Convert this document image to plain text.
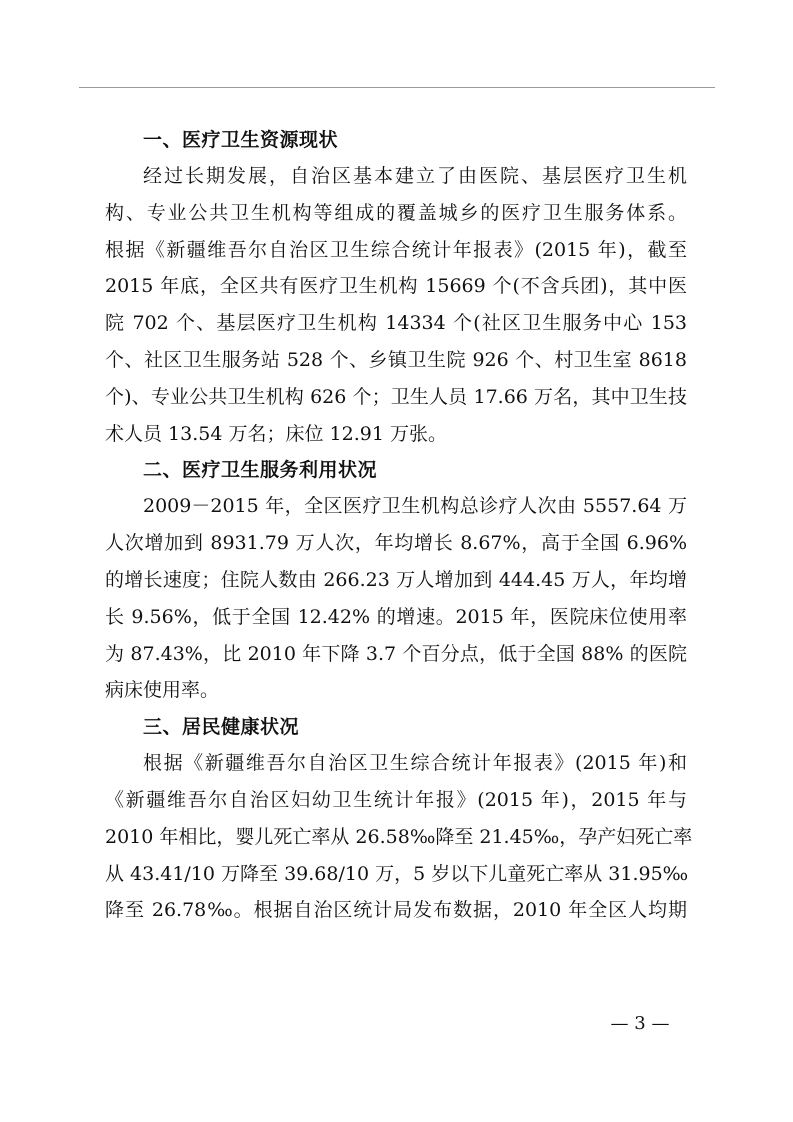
一、医疗卫生资源现状

经过长期发展，自治区基本建立了由医院、基层医疗卫生机
构、专业公共卫生机构等组成的覆盖城乡的医疗卫生服务体系。
根据《新疆维吾尔自治区卫生综合统计年报表》(2015 年)，截至
2015 年底，全区共有医疗卫生机构 15669 个(不含兵团)，其中医
院 702 个、基层医疗卫生机构 14334 个(社区卫生服务中心 153
个、社区卫生服务站 528 个、乡镇卫生院 926 个、村卫生室 8618
个)、专业公共卫生机构 626 个；卫生人员 17.66 万名，其中卫生技
术人员 13.54 万名；床位 12.91 万张。

二、医疗卫生服务利用状况

2009－2015 年，全区医疗卫生机构总诊疗人次由 5557.64 万
人次增加到 8931.79 万人次，年均增长 8.67%，高于全国 6.96%
的增长速度；住院人数由 266.23 万人增加到 444.45 万人，年均增
长 9.56%，低于全国 12.42% 的增速。2015 年，医院床位使用率
为 87.43%，比 2010 年下降 3.7 个百分点，低于全国 88% 的医院
病床使用率。

三、居民健康状况

根据《新疆维吾尔自治区卫生综合统计年报表》(2015 年)和
《新疆维吾尔自治区妇幼卫生统计年报》(2015 年)，2015 年与
2010 年相比，婴儿死亡率从 26.58‰降至 21.45‰，孕产妇死亡率
从 43.41/10 万降至 39.68/10 万，5 岁以下儿童死亡率从 31.95‰
降至 26.78‰。根据自治区统计局发布数据，2010 年全区人均期

— 3 —
